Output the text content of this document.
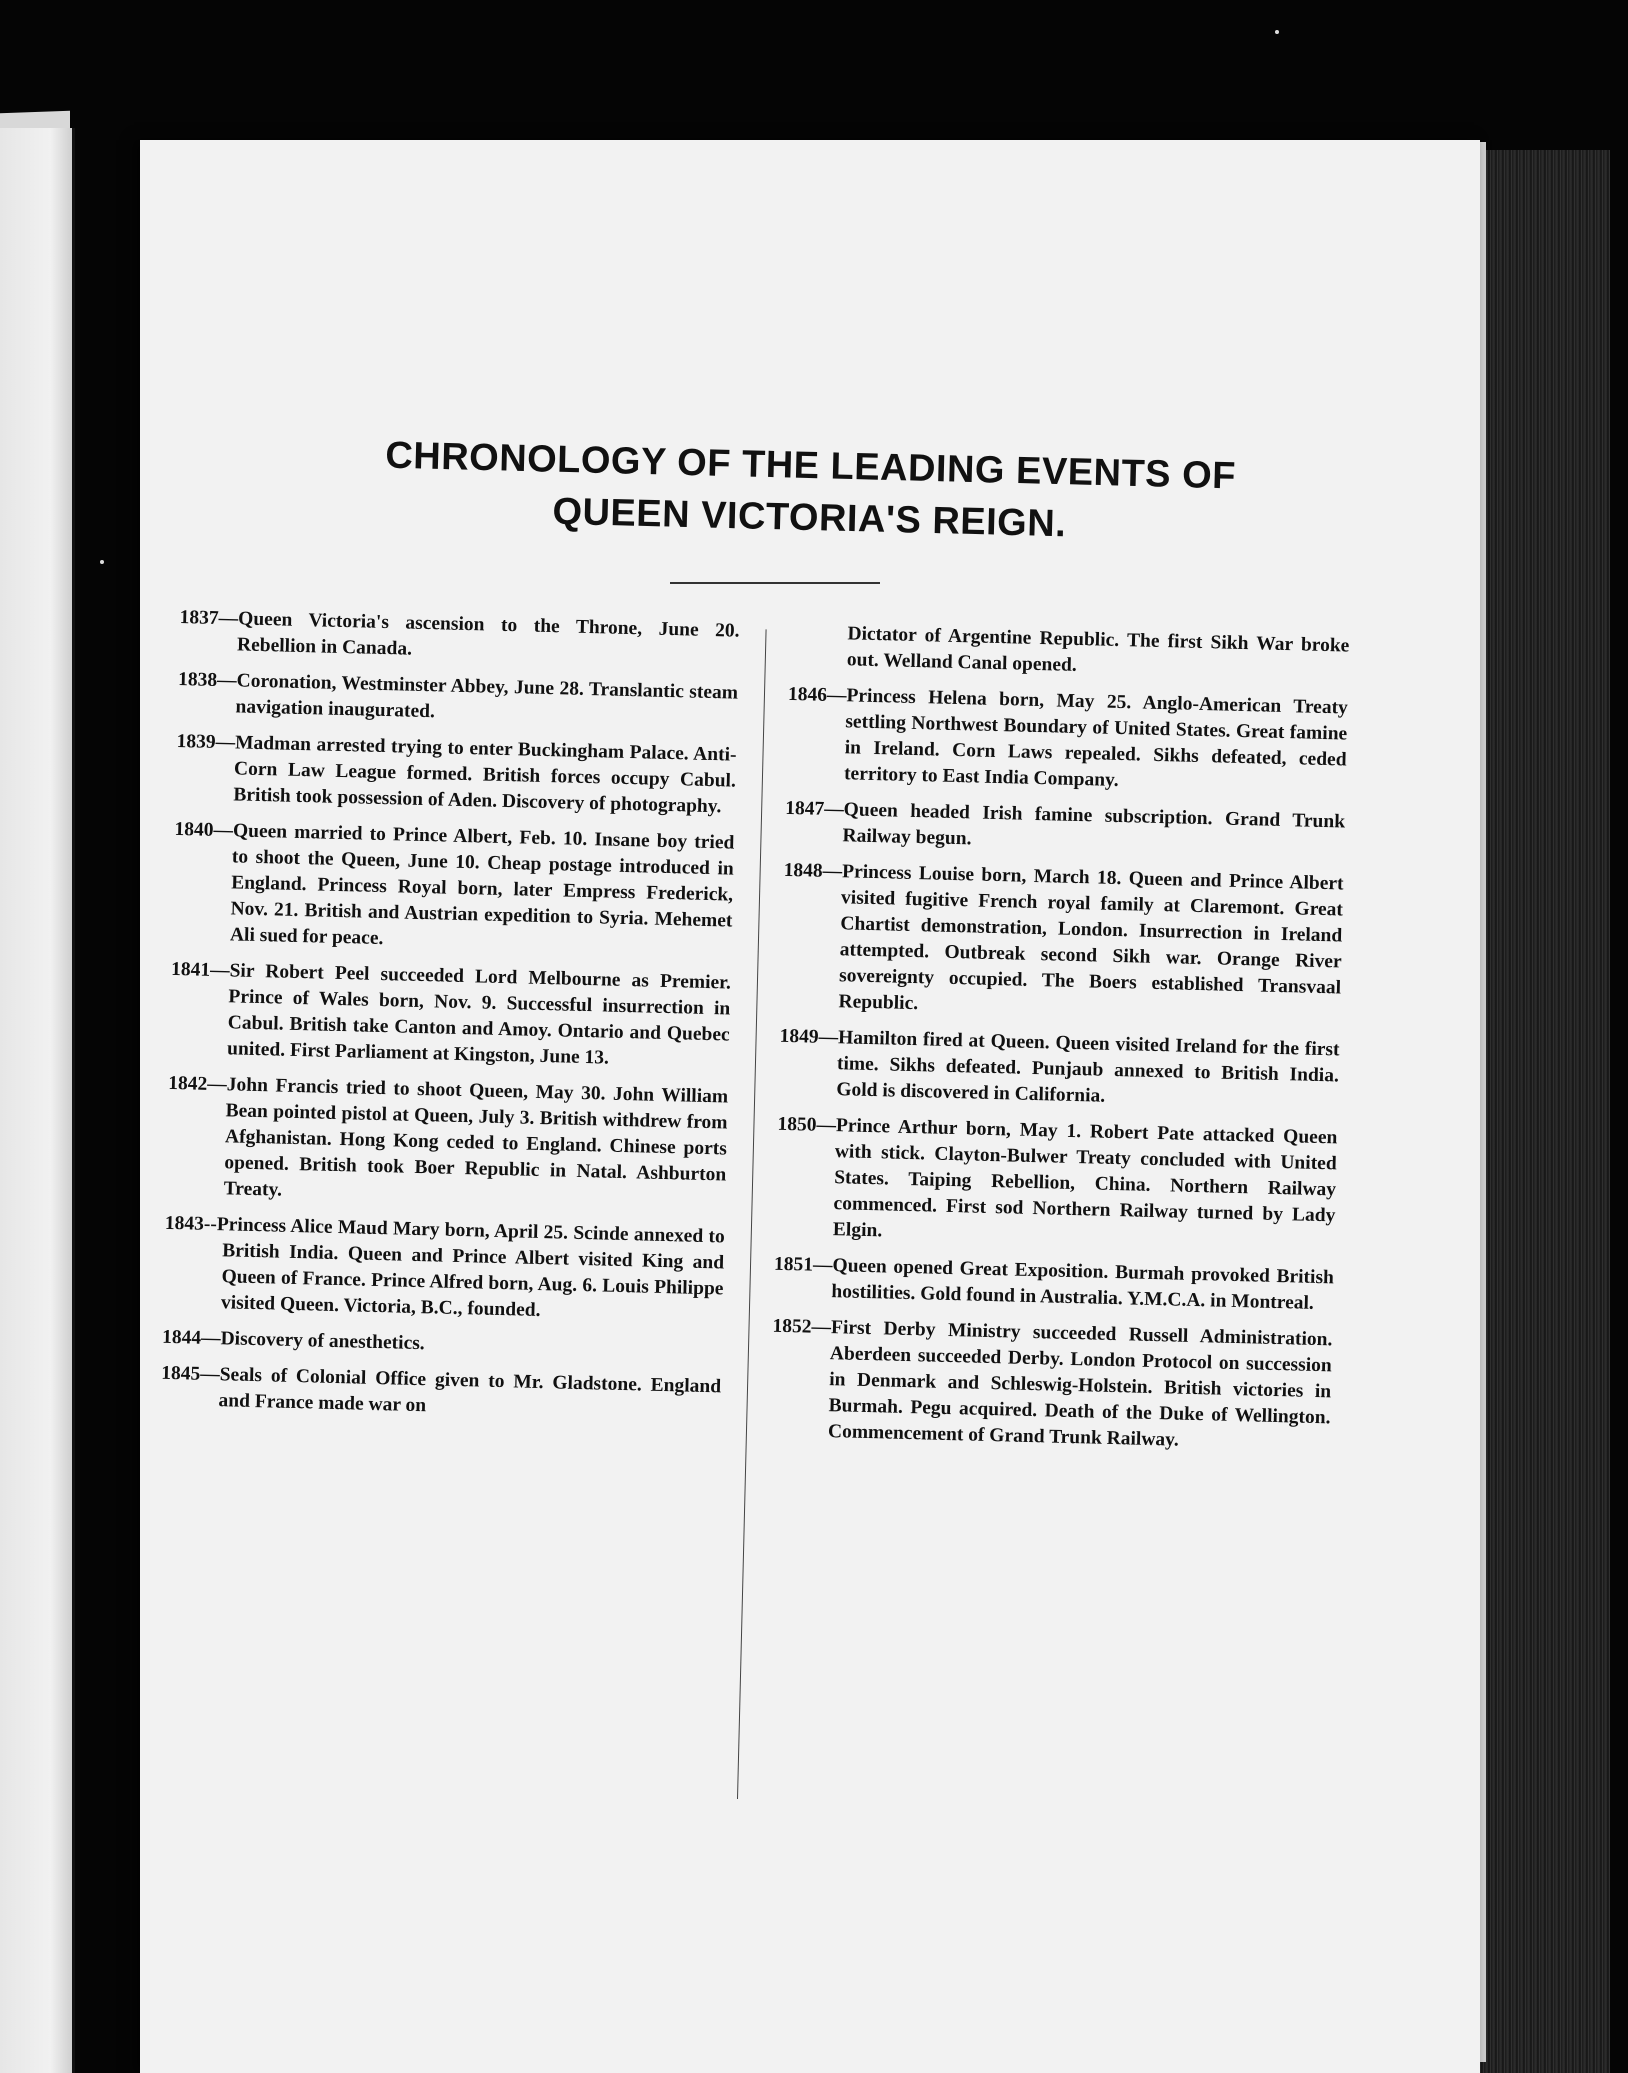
CHRONOLOGY OF THE LEADING EVENTS OF
QUEEN VICTORIA'S REIGN.

1837—Queen Victoria's ascension to the Throne, June 20. Rebellion in Canada.

1838—Coronation, Westminster Abbey, June 28. Translantic steam navigation inaugurated.

1839—Madman arrested trying to enter Buckingham Palace. Anti-Corn Law League formed. British forces occupy Cabul. British took possession of Aden. Discovery of photography.

1840—Queen married to Prince Albert, Feb. 10. Insane boy tried to shoot the Queen, June 10. Cheap postage introduced in England. Princess Royal born, later Empress Frederick, Nov. 21. British and Austrian expedition to Syria. Mehemet Ali sued for peace.

1841—Sir Robert Peel succeeded Lord Melbourne as Premier. Prince of Wales born, Nov. 9. Successful insurrection in Cabul. British take Canton and Amoy. Ontario and Quebec united. First Parliament at Kingston, June 13.

1842—John Francis tried to shoot Queen, May 30. John William Bean pointed pistol at Queen, July 3. British withdrew from Afghanistan. Hong Kong ceded to England. Chinese ports opened. British took Boer Republic in Natal. Ashburton Treaty.

1843--Princess Alice Maud Mary born, April 25. Scinde annexed to British India. Queen and Prince Albert visited King and Queen of France. Prince Alfred born, Aug. 6. Louis Philippe visited Queen. Victoria, B.C., founded.

1844—Discovery of anesthetics.

1845—Seals of Colonial Office given to Mr. Gladstone. England and France made war on

Dictator of Argentine Republic. The first Sikh War broke out. Welland Canal opened.

1846—Princess Helena born, May 25. Anglo-American Treaty settling Northwest Boundary of United States. Great famine in Ireland. Corn Laws repealed. Sikhs defeated, ceded territory to East India Company.

1847—Queen headed Irish famine subscription. Grand Trunk Railway begun.

1848—Princess Louise born, March 18. Queen and Prince Albert visited fugitive French royal family at Claremont. Great Chartist demonstration, London. Insurrection in Ireland attempted. Outbreak second Sikh war. Orange River sovereignty occupied. The Boers established Transvaal Republic.

1849—Hamilton fired at Queen. Queen visited Ireland for the first time. Sikhs defeated. Punjaub annexed to British India. Gold is discovered in California.

1850—Prince Arthur born, May 1. Robert Pate attacked Queen with stick. Clayton-Bulwer Treaty concluded with United States. Taiping Rebellion, China. Northern Railway commenced. First sod Northern Railway turned by Lady Elgin.

1851—Queen opened Great Exposition. Burmah provoked British hostilities. Gold found in Australia. Y.M.C.A. in Montreal.

1852—First Derby Ministry succeeded Russell Administration. Aberdeen succeeded Derby. London Protocol on succession in Denmark and Schleswig-Holstein. British victories in Burmah. Pegu acquired. Death of the Duke of Wellington. Commencement of Grand Trunk Railway.
